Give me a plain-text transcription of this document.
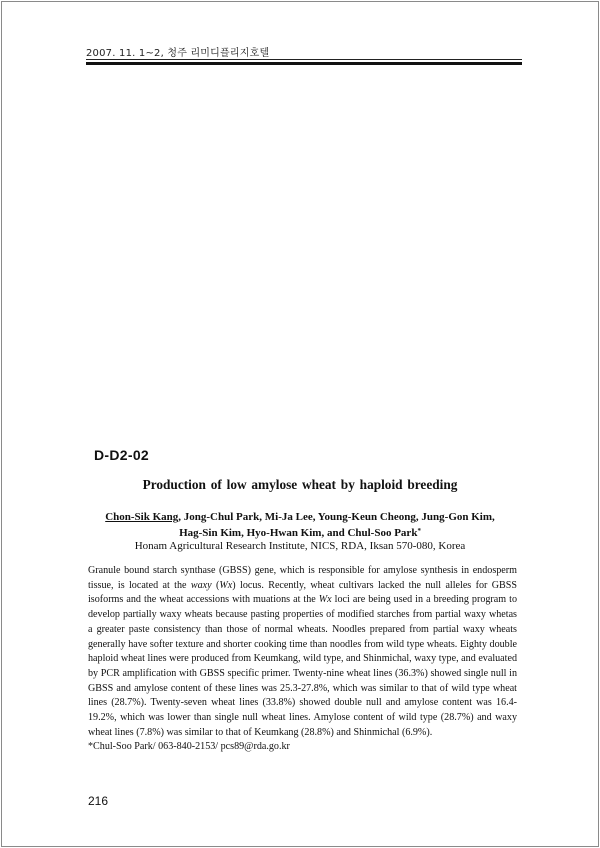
2007. 11. 1~2, 청주 리미디플리지호텔
D-D2-02
Production of low amylose wheat by haploid breeding
Chon-Sik Kang, Jong-Chul Park, Mi-Ja Lee, Young-Keun Cheong, Jung-Gon Kim,
Hag-Sin Kim, Hyo-Hwan Kim, and Chul-Soo Park*
Honam Agricultural Research Institute, NICS, RDA, Iksan 570-080, Korea

Granule bound starch synthase (GBSS) gene, which is responsible for amylose synthesis in endosperm tissue, is located at the waxy (Wx) locus. Recently, wheat cultivars lacked the null alleles for GBSS isoforms and the wheat accessions with muations at the Wx loci are being used in a breeding program to develop partially waxy wheats because pasting properties of modified starches from partial waxy whetas a greater paste consistency than those of normal wheats. Noodles prepared from partial waxy wheats generally have softer texture and shorter cooking time than noodles from wild type wheats. Eighty double haploid wheat lines were produced from Keumkang, wild type, and Shinmichal, waxy type, and evaluated by PCR amplification with GBSS specific primer. Twenty-nine wheat lines (36.3%) showed single null in GBSS and amylose content of these lines was 25.3-27.8%, which was similar to that of wild type wheat lines (28.7%). Twenty-seven wheat lines (33.8%) showed double null and amylose content was 16.4-19.2%, which was lower than single null wheat lines. Amylose content of wild type (28.7%) and waxy wheat lines (7.8%) was similar to that of Keumkang (28.8%) and Shinmichal (6.9%).

*Chul-Soo Park/ 063-840-2153/ pcs89@rda.go.kr
216
